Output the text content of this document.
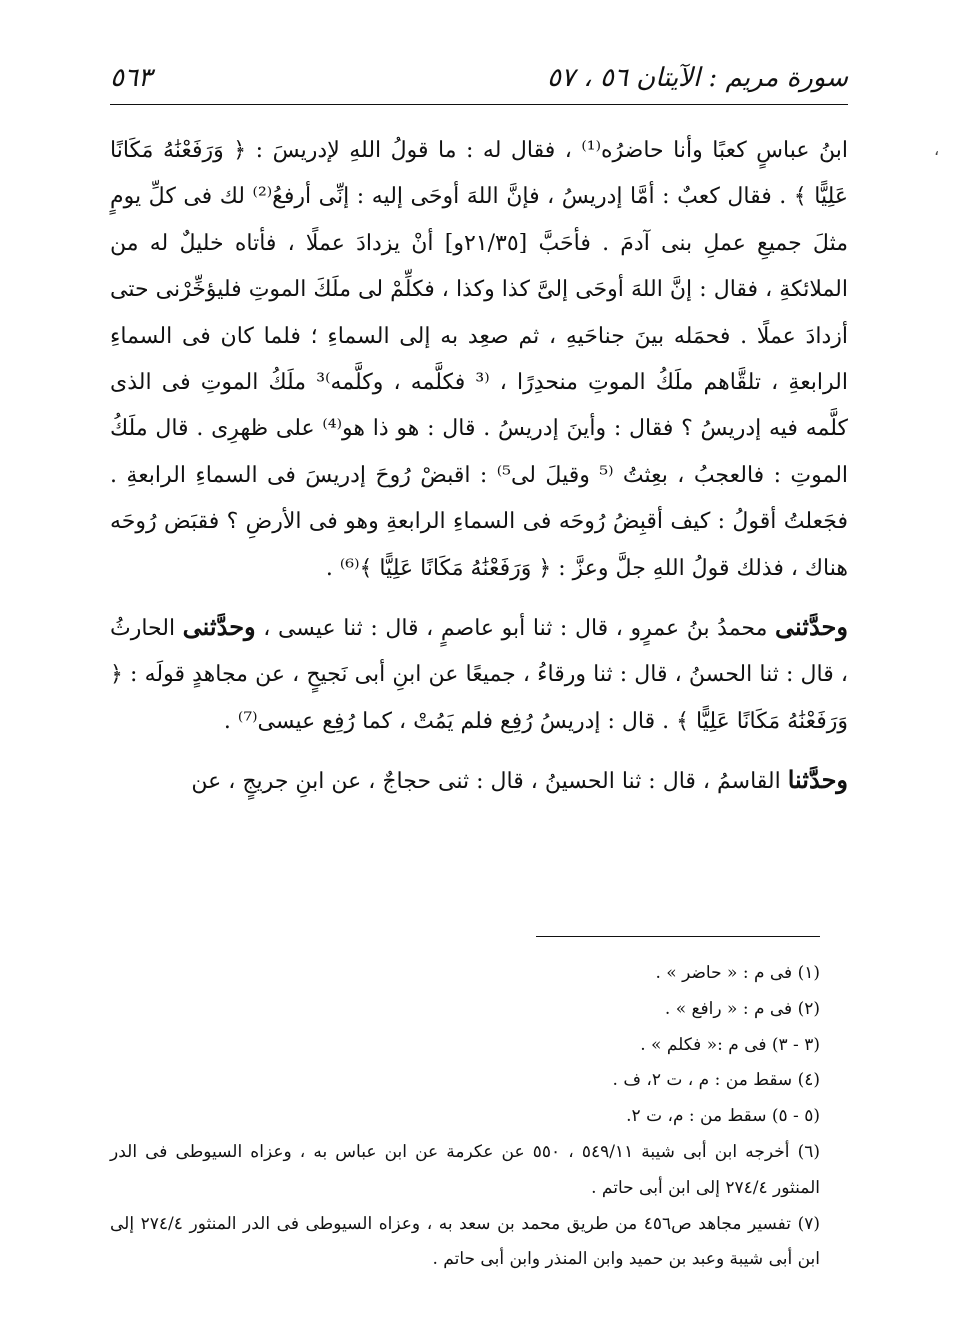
سورة مريم : الآيتان ٥٦ ، ٥٧
٥٦٣
،

ابنُ عباسٍ كعبًا وأنا حاضرُه⁽¹⁾ ، فقال له : ما قولُ اللهِ لإدريسَ : ﴿ وَرَفَعْنَٰهُ مَكَانًا عَلِيًّا ﴾ . فقال كعبٌ : أمَّا إدريسُ ، فإنَّ اللهَ أوحَى إليه : إنِّى أرفعُ⁽²⁾ لك فى كلِّ يومٍ مثلَ جميعِ عملِ بنى آدمَ . فأحَبَّ [٢١/٣٥و] أنْ يزدادَ عملًا ، فأتاه خليلٌ له من الملائكةِ ، فقال : إنَّ اللهَ أوحَى إلىَّ كذا وكذا ، فكلِّمْ لى ملَكَ الموتِ فليؤخِّرْنى حتى أزدادَ عملًا . فحمَله بينَ جناحَيهِ ، ثم صعِد به إلى السماءِ ؛ فلما كان فى السماءِ الرابعةِ ، تلقَّاهم ملَكُ الموتِ منحدِرًا ، ⁽³ فكلَّمه ، وكلَّمه⁾³ ملَكُ الموتِ فى الذى كلَّمه فيه إدريسُ ؟ فقال : وأينَ إدريسُ . قال : هو ذا هو⁽⁴⁾ على ظهرِى . قال ملَكُ الموتِ : فالعجبُ ، بعِثتُ ⁽⁵ وقيلَ لى⁵⁾ : اقبضْ رُوحَ إدريسَ فى السماءِ الرابعةِ . فجَعلتُ أقولُ : كيف أقبِضُ رُوحَه فى السماءِ الرابعةِ وهو فى الأرضِ ؟ فقبَض رُوحَه هناك ، فذلك قولُ اللهِ جلَّ وعزَّ : ﴿ وَرَفَعْنَٰهُ مَكَانًا عَلِيًّا ﴾⁽⁶⁾ .

وحدَّثنى محمدُ بنُ عمرٍو ، قال : ثنا أبو عاصمٍ ، قال : ثنا عيسى ، وحدَّثنى الحارثُ ، قال : ثنا الحسنُ ، قال : ثنا ورقاءُ ، جميعًا عن ابنِ أبى نَجيحٍ ، عن مجاهدٍ قولَه : ﴿ وَرَفَعْنَٰهُ مَكَانًا عَلِيًّا ﴾ . قال : إدريسُ رُفِع فلم يَمُتْ ، كما رُفِع عيسى⁽⁷⁾ .

وحدَّثنا القاسمُ ، قال : ثنا الحسينُ ، قال : ثنى حجاجٌ ، عن ابنِ جريجٍ ، عن

(١) فى م : « حاضر » .

(٢) فى م : « رافع » .

(٣ - ٣) فى م :« فكلم » .

(٤) سقط من : م ، ت ٢، ف .

(٥ - ٥) سقط من : م، ت ٢.

(٦) أخرجه ابن أبى شيبة ٥٤٩/١١ ، ٥٥٠ عن عكرمة عن ابن عباس به ، وعزاه السيوطى فى الدر المنثور ٢٧٤/٤ إلى ابن أبى حاتم .

(٧) تفسير مجاهد ص٤٥٦ من طريق محمد بن سعد به ، وعزاه السيوطى فى الدر المنثور ٢٧٤/٤ إلى ابن أبى شيبة وعبد بن حميد وابن المنذر وابن أبى حاتم .
